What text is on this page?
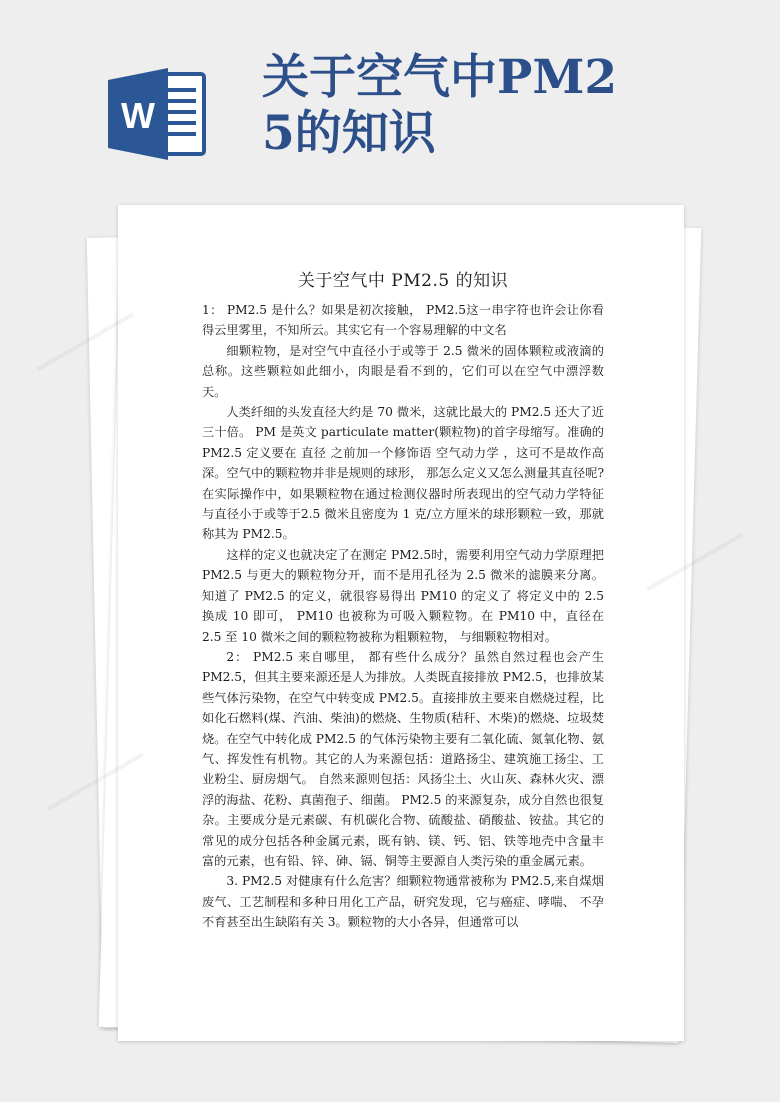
W
关于空气中PM2
5的知识
关于空气中 PM2.5 的知识

1： PM2.5 是什么？如果是初次接触， PM2.5这一串字符也许会让你看得云里雾里，不知所云。其实它有一个容易理解的中文名

细颗粒物，是对空气中直径小于或等于 2.5 微米的固体颗粒或液滴的总称。这些颗粒如此细小，肉眼是看不到的，它们可以在空气中漂浮数天。

人类纤细的头发直径大约是 70 微米，这就比最大的 PM2.5 还大了近三十倍。 PM 是英文 particulate matter(颗粒物)的首字母缩写。准确的 PM2.5 定义要在 直径 之前加一个修饰语 空气动力学 ，这可不是故作高深。空气中的颗粒物并非是规则的球形， 那怎么定义又怎么测量其直径呢?在实际操作中，如果颗粒物在通过检测仪器时所表现出的空气动力学特征与直径小于或等于2.5 微米且密度为 1 克/立方厘米的球形颗粒一致，那就称其为 PM2.5。

这样的定义也就决定了在测定 PM2.5时，需要利用空气动力学原理把 PM2.5 与更大的颗粒物分开，而不是用孔径为 2.5 微米的滤膜来分离。 知道了 PM2.5 的定义，就很容易得出 PM10 的定义了 将定义中的 2.5 换成 10 即可， PM10 也被称为可吸入颗粒物。在 PM10 中，直径在 2.5 至 10 微米之间的颗粒物被称为粗颗粒物， 与细颗粒物相对。

2： PM2.5 来自哪里， 都有些什么成分？虽然自然过程也会产生 PM2.5，但其主要来源还是人为排放。人类既直接排放 PM2.5，也排放某些气体污染物，在空气中转变成 PM2.5。直接排放主要来自燃烧过程，比如化石燃料(煤、汽油、柴油)的燃烧、生物质(秸秆、木柴)的燃烧、垃圾焚烧。在空气中转化成 PM2.5 的气体污染物主要有二氧化硫、氮氧化物、氨气、挥发性有机物。其它的人为来源包括：道路扬尘、建筑施工扬尘、工业粉尘、厨房烟气。 自然来源则包括：风扬尘土、火山灰、森林火灾、漂浮的海盐、花粉、真菌孢子、细菌。 PM2.5 的来源复杂，成分自然也很复杂。主要成分是元素碳、有机碳化合物、硫酸盐、硝酸盐、铵盐。其它的常见的成分包括各种金属元素，既有钠、镁、钙、铝、铁等地壳中含量丰富的元素，也有铅、锌、砷、镉、铜等主要源自人类污染的重金属元素。

3. PM2.5 对健康有什么危害？细颗粒物通常被称为 PM2.5,来自煤烟废气、工艺制程和多种日用化工产品，研究发现，它与癌症、哮喘、 不孕不育甚至出生缺陷有关 3。颗粒物的大小各异，但通常可以
